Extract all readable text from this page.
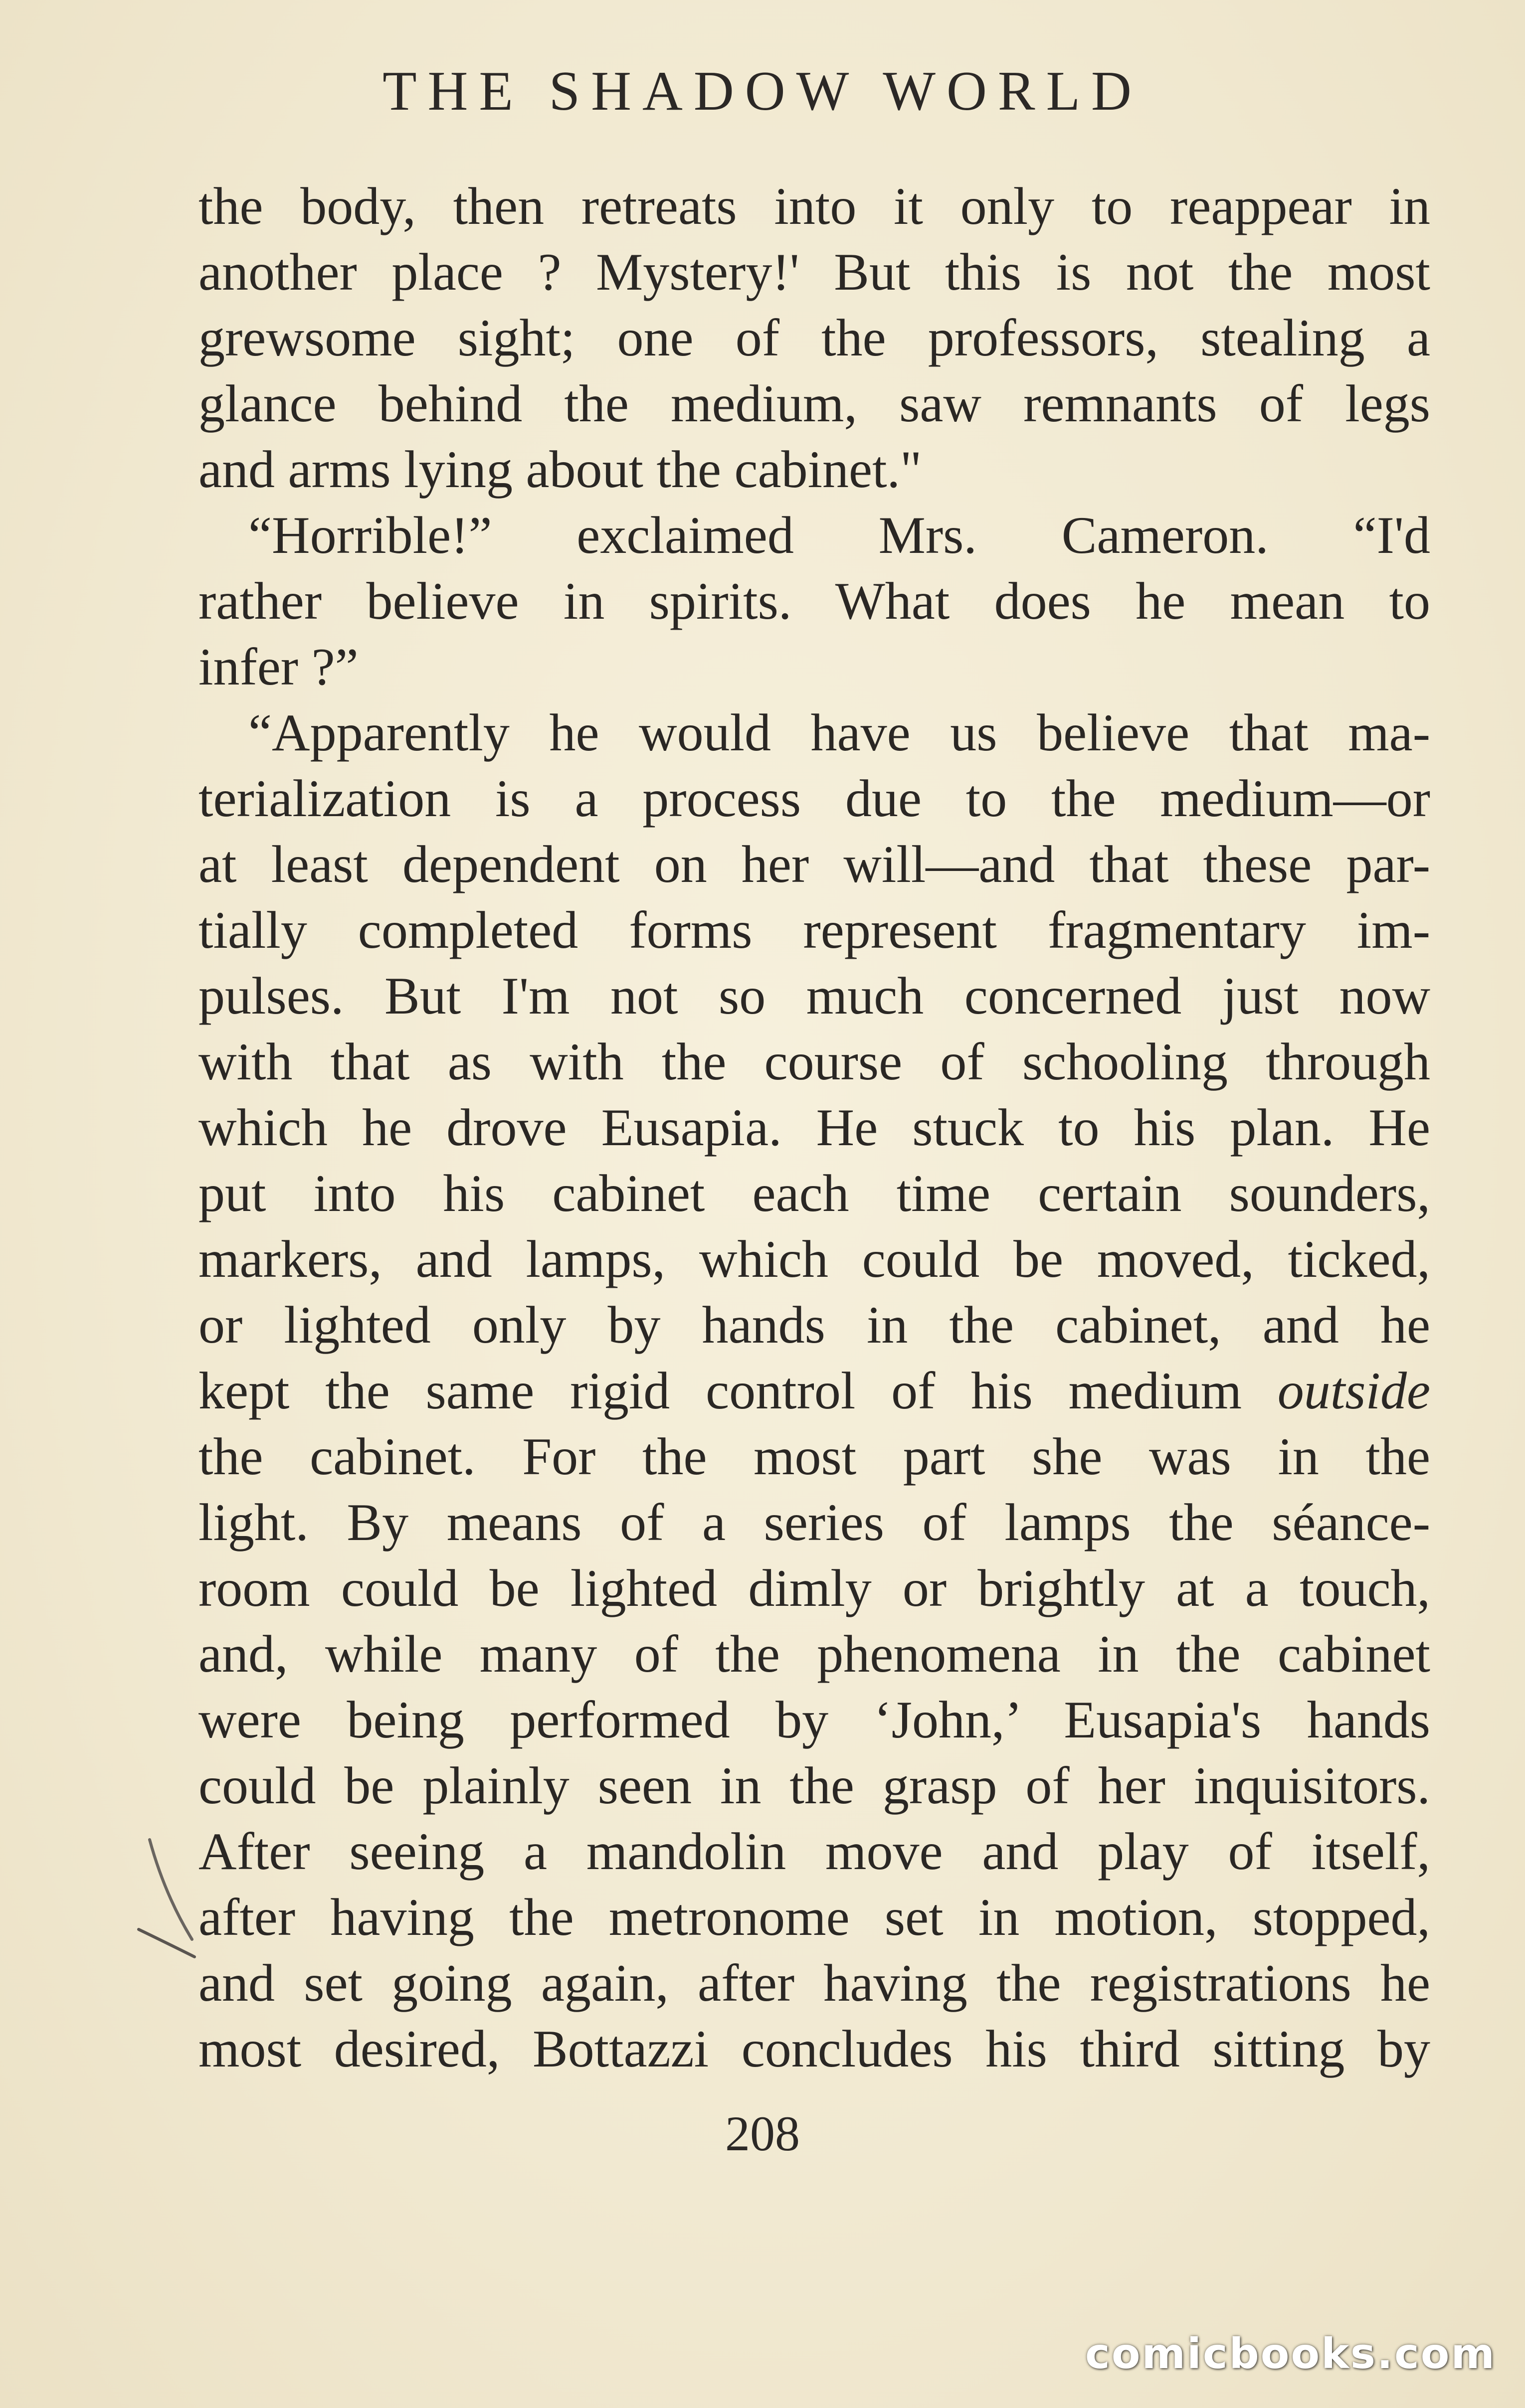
THE SHADOW WORLD
the body, then retreats into it only to reappear in
another place ? Mystery!' But this is not the most
grewsome sight; one of the professors, stealing a
glance behind the medium, saw remnants of legs
and arms lying about the cabinet."
“Horrible!” exclaimed Mrs. Cameron. “I'd
rather believe in spirits. What does he mean to
infer ?”
“Apparently he would have us believe that ma-
terialization is a process due to the medium—or
at least dependent on her will—and that these par-
tially completed forms represent fragmentary im-
pulses. But I'm not so much concerned just now
with that as with the course of schooling through
which he drove Eusapia. He stuck to his plan. He
put into his cabinet each time certain sounders,
markers, and lamps, which could be moved, ticked,
or lighted only by hands in the cabinet, and he
kept the same rigid control of his medium outside
the cabinet. For the most part she was in the
light. By means of a series of lamps the séance-
room could be lighted dimly or brightly at a touch,
and, while many of the phenomena in the cabinet
were being performed by ‘John,’ Eusapia's hands
could be plainly seen in the grasp of her inquisitors.
After seeing a mandolin move and play of itself,
after having the metronome set in motion, stopped,
and set going again, after having the registrations he
most desired, Bottazzi concludes his third sitting by
208
comicbooks.com
